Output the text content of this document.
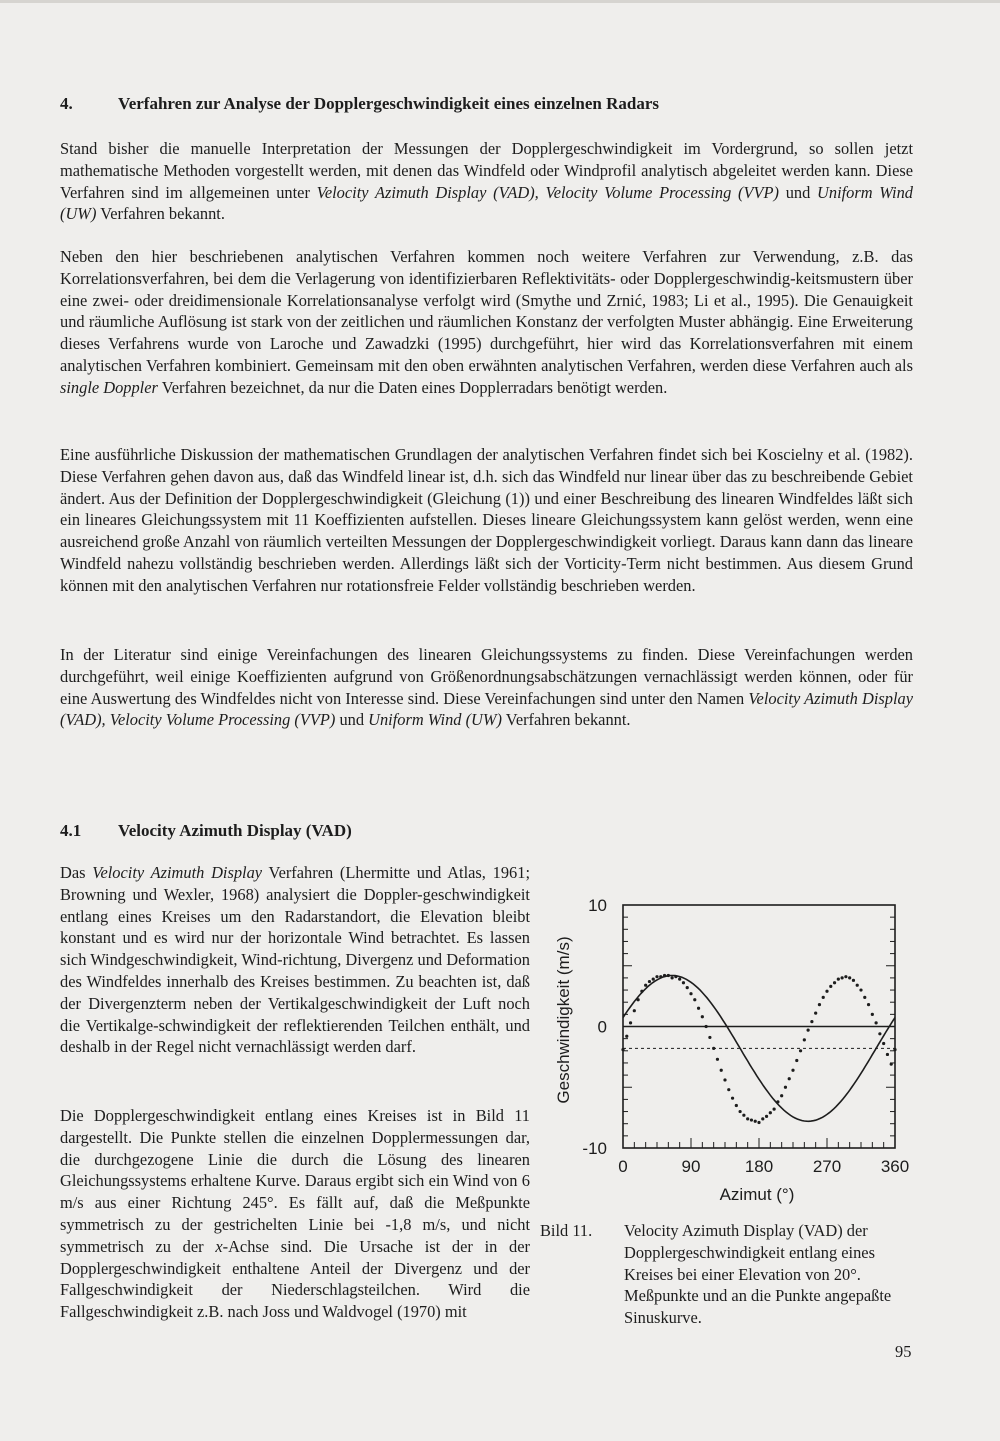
4.	Verfahren zur Analyse der Dopplergeschwindigkeit eines einzelnen Radars

Stand bisher die manuelle Interpretation der Messungen der Dopplergeschwindigkeit im Vordergrund, so sollen jetzt mathematische Methoden vorgestellt werden, mit denen das Windfeld oder Windprofil analytisch abgeleitet werden kann. Diese Verfahren sind im allgemeinen unter Velocity Azimuth Display (VAD), Velocity Volume Processing (VVP) und Uniform Wind (UW) Verfahren bekannt.

Neben den hier beschriebenen analytischen Verfahren kommen noch weitere Verfahren zur Verwendung, z.B. das Korrelationsverfahren, bei dem die Verlagerung von identifizierbaren Reflektivitäts- oder Dopplergeschwindig-keitsmustern über eine zwei- oder dreidimensionale Korrelationsanalyse verfolgt wird (Smythe und Zrnić, 1983; Li et al., 1995). Die Genauigkeit und räumliche Auflösung ist stark von der zeitlichen und räumlichen Konstanz der verfolgten Muster abhängig. Eine Erweiterung dieses Verfahrens wurde von Laroche und Zawadzki (1995) durchgeführt, hier wird das Korrelationsverfahren mit einem analytischen Verfahren kombiniert. Gemeinsam mit den oben erwähnten analytischen Verfahren, werden diese Verfahren auch als single Doppler Verfahren bezeichnet, da nur die Daten eines Dopplerradars benötigt werden.

Eine ausführliche Diskussion der mathematischen Grundlagen der analytischen Verfahren findet sich bei Koscielny et al. (1982). Diese Verfahren gehen davon aus, daß das Windfeld linear ist, d.h. sich das Windfeld nur linear über das zu beschreibende Gebiet ändert. Aus der Definition der Dopplergeschwindigkeit (Gleichung (1)) und einer Beschreibung des linearen Windfeldes läßt sich ein lineares Gleichungssystem mit 11 Koeffizienten aufstellen. Dieses lineare Gleichungssystem kann gelöst werden, wenn eine ausreichend große Anzahl von räumlich verteilten Messungen der Dopplergeschwindigkeit vorliegt. Daraus kann dann das lineare Windfeld nahezu vollständig beschrieben werden. Allerdings läßt sich der Vorticity-Term nicht bestimmen. Aus diesem Grund können mit den analytischen Verfahren nur rotationsfreie Felder vollständig beschrieben werden.

In der Literatur sind einige Vereinfachungen des linearen Gleichungssystems zu finden. Diese Vereinfachungen werden durchgeführt, weil einige Koeffizienten aufgrund von Größenordnungsabschätzungen vernachlässigt werden können, oder für eine Auswertung des Windfeldes nicht von Interesse sind. Diese Vereinfachungen sind unter den Namen Velocity Azimuth Display (VAD), Velocity Volume Processing (VVP) und Uniform Wind (UW) Verfahren bekannt.

4.1 Velocity Azimuth Display (VAD)

Das Velocity Azimuth Display Verfahren (Lhermitte und Atlas, 1961; Browning und Wexler, 1968) analysiert die Doppler-geschwindigkeit entlang eines Kreises um den Radarstandort, die Elevation bleibt konstant und es wird nur der horizontale Wind betrachtet. Es lassen sich Windgeschwindigkeit, Wind-richtung, Divergenz und Deformation des Windfeldes innerhalb des Kreises bestimmen. Zu beachten ist, daß der Divergenzterm neben der Vertikalgeschwindigkeit der Luft noch die Vertikalge-schwindigkeit der reflektierenden Teilchen enthält, und deshalb in der Regel nicht vernachlässigt werden darf.

Die Dopplergeschwindigkeit entlang eines Kreises ist in Bild 11 dargestellt. Die Punkte stellen die einzelnen Dopplermessungen dar, die durchgezogene Linie die durch die Lösung des linearen Gleichungssystems erhaltene Kurve. Daraus ergibt sich ein Wind von 6 m/s aus einer Richtung 245°. Es fällt auf, daß die Meßpunkte symmetrisch zu der gestrichelten Linie bei -1,8 m/s, und nicht symmetrisch zu der x-Achse sind. Die Ursache ist der in der Dopplergeschwindigkeit enthaltene Anteil der Divergenz und der Fallgeschwindigkeit der Niederschlagsteilchen. Wird die Fallgeschwindigkeit z.B. nach Joss und Waldvogel (1970) mit

Geschwindigkeit (m/s)
Azimut (°)
10
0
-10
0	90	180 270 360
Bild 11.	Velocity Azimuth Display (VAD) der Dopplergeschwindigkeit entlang eines Kreises bei einer Elevation von 20°. Meßpunkte und an die Punkte angepaßte Sinuskurve.
95
